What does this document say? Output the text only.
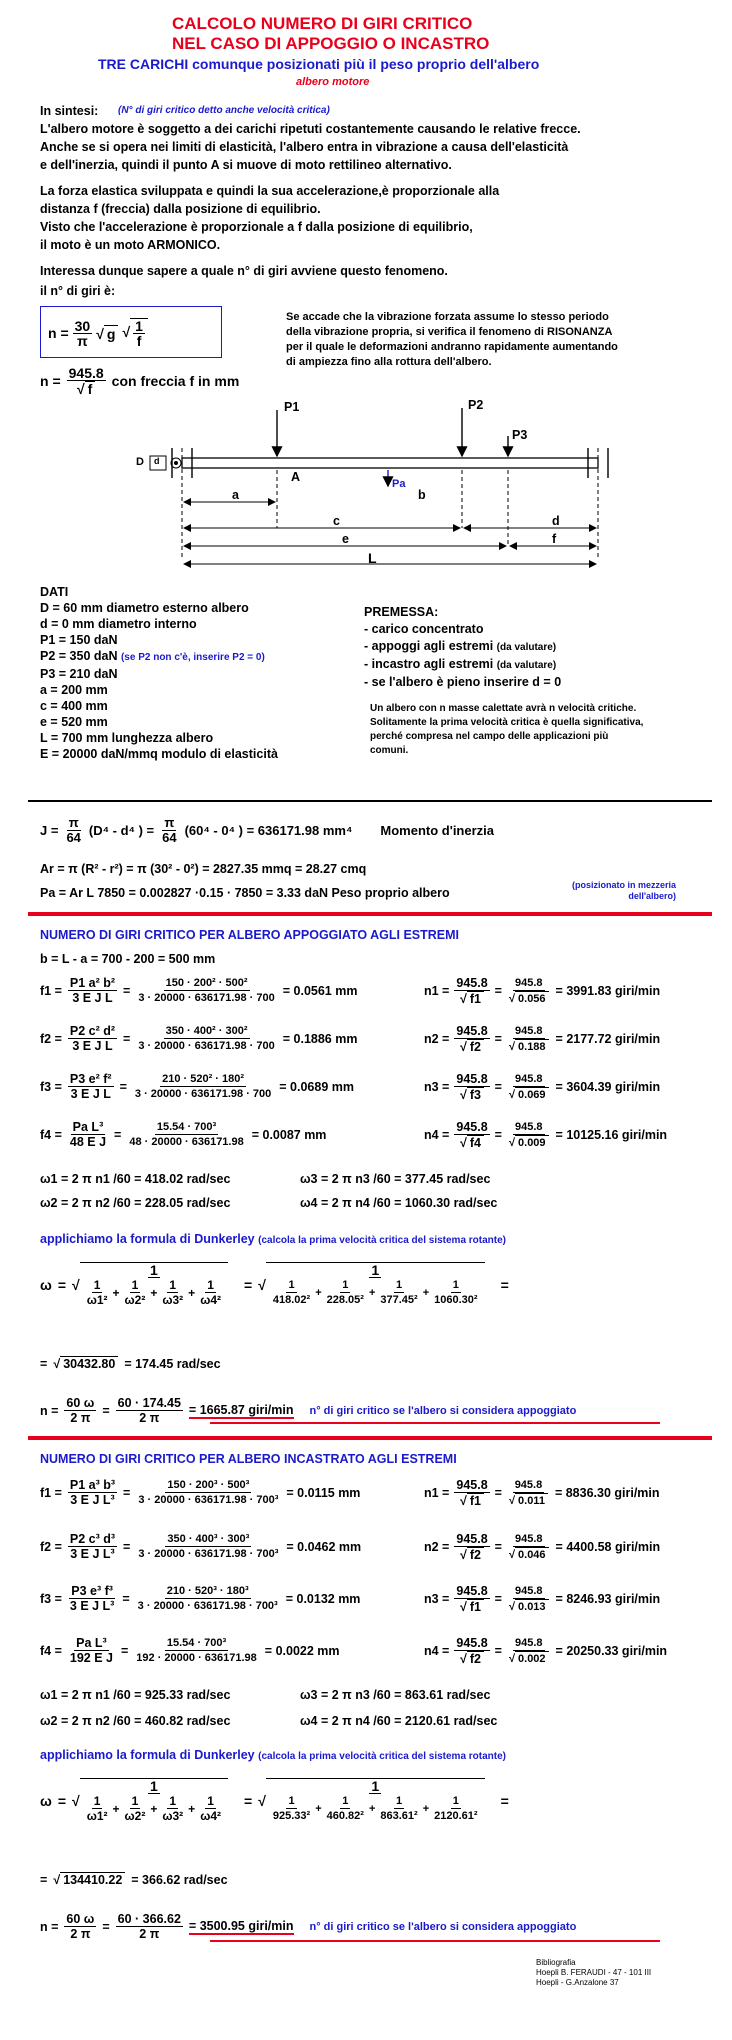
CALCOLO NUMERO DI GIRI CRITICO
NEL CASO DI APPOGGIO O INCASTRO
TRE CARICHI comunque posizionati più il peso proprio dell'albero
albero motore
In sintesi: (N° di giri critico detto anche velocità critica)
L'albero motore è soggetto a dei carichi ripetuti costantemente causando le relative frecce.
Anche se si opera nei limiti di elasticità, l'albero entra in vibrazione a causa dell'elasticità
e dell'inerzia, quindi il punto A si muove di moto rettilineo alternativo.
La forza elastica sviluppata e quindi la sua accelerazione,è proporzionale alla
distanza f (freccia) dalla posizione di equilibrio.
Visto che l'accelerazione è proporzionale a f dalla posizione di equilibrio,
il moto è un moto ARMONICO.
Interessa dunque sapere a quale n° di giri avviene questo fenomeno.
il n° di giri è:
$n = \frac{30}{\pi}$ √ g √ $\frac{1}{f}$
Se accade che la vibrazione forzata assume lo stesso periodo
della vibrazione propria, si verifica il fenomeno di RISONANZA
per il quale le deformazioni andranno rapidamente aumentando
di ampiezza fino alla rottura dell'albero.
$n = \frac{945.8}{√ f}$ con freccia f in mm
P1	P2
P3
A	Pa
D d
a	b
c	d
e	f
L
DATI
D = 60 mm diametro esterno albero
d = 0 mm diametro interno
P1 = 150 daN
P2 = 350 daN (se P2 non c'è, inserire P2 = 0)
P3 = 210 daN
a = 200 mm
c = 400 mm
e = 520 mm
L = 700 mm lunghezza albero
E = 20000 daN/mmq modulo di elasticità
PREMESSA:
- carico concentrato
- appoggi agli estremi (da valutare)
- incastro agli estremi (da valutare)
- se l'albero è pieno inserire d = 0
Un albero con n masse calettate avrà n velocità critiche.
Solitamente la prima velocità critica è quella significativa,
perché compresa nel campo delle applicazioni più
comuni.
$J = \frac{\pi}{64} (D^4 - d^4$ ) = $\frac{\pi}{64} (60^4 - 0^4$ ) = 636171.98 mm⁴ Momento d'inerzia
Ar = π (R² - r²) = π (30² - 0²) = 2827.35 mmq = 28.27 cmq
Pa = Ar L 7850 = 0.002827 ·0.15 · 7850 = 3.33 daN Peso proprio albero
(posizionato in mezzeria
dell'albero)
NUMERO DI GIRI CRITICO PER ALBERO APPOGGIATO AGLI ESTREMI
b = L - a = 700 - 200 = 500 mm
$f1 = \frac{\text{P1 a² b²}}{\text{3 E J L}} = \frac{\text{150 · 200² · 500²}}{3 \cdot 20000 \cdot 636171.98 \cdot 700} = 0.0561$ mm	$n1 = \frac{945.8}{√ f1} = \frac{945.8}{√ 0.056} = 3991.83$ giri/min
$f2 = \frac{\text{P2 c² d²}}{\text{3 E J L}} = \frac{\text{350 · 400² · 300²}}{3 \cdot 20000 \cdot 636171.98 \cdot 700} = 0.1886$ mm	$n2 = \frac{945.8}{√ f2} = \frac{945.8}{√ 0.188} = 2177.72$ giri/min
$f3 = \frac{\text{P3 e² f²}}{\text{3 E J L}} = \frac{\text{210 · 520² · 180²}}{3 \cdot 20000 \cdot 636171.98 \cdot 700} = 0.0689$ mm	$n3 = \frac{945.8}{√ f3} = \frac{945.8}{√ 0.069} = 3604.39$ giri/min
$f4 = \frac{\text{Pa L³}}{\text{48 E J}} = \frac{\text{15.54 · 700³}}{48 \cdot 20000 \cdot 636171.98} = 0.0087$ mm	$n4 = \frac{945.8}{√ f4} = \frac{945.8}{√ 0.009} = 10125.16$ giri/min
ω1 = 2 π n1 /60 = 418.02 rad/sec	ω3 = 2 π n3 /60 = 377.45 rad/sec
ω2 = 2 π n2 /60 = 228.05 rad/sec	ω4 = 2 π n4 /60 = 1060.30 rad/sec
applichiamo la formula di Dunkerley (calcola la prima velocità critica del sistema rotante)
ω = √ $\frac{1}{\frac{1}{\text{ω1²}} + \frac{1}{\text{ω2²}} + \frac{1}{\text{ω3²}} + \frac{1}{\text{ω4²}}}$ = √ $\frac{1}{\frac{1}{\text{418.02²}} + \frac{1}{\text{228.05²}} + \frac{1}{\text{377.45²}} + \frac{1}{\text{1060.30²}}}$ =
= √ 30432.80 = 174.45 rad/sec
$n = \frac{60 \omega}{2 \pi} = \frac{60 \cdot 174.45}{2 \pi} = 1665.87$ giri/min n° di giri critico se l'albero si considera appoggiato
NUMERO DI GIRI CRITICO PER ALBERO INCASTRATO AGLI ESTREMI
$f1 = \frac{\text{P1 a³ b³}}{\text{3 E J L³}} = \frac{\text{150 · 200³ · 500³}}{\text{3 · 20000 · 636171.98 · 700³}} = 0.0115$ mm	$n1 = \frac{945.8}{√ f1} = \frac{945.8}{√ 0.011} = 8836.30$ giri/min
$f2 = \frac{\text{P2 c³ d³}}{\text{3 E J L³}} = \frac{\text{350 · 400³ · 300³}}{\text{3 · 20000 · 636171.98 · 700³}} = 0.0462$ mm	$n2 = \frac{945.8}{√ f2} = \frac{945.8}{√ 0.046} = 4400.58$ giri/min
$f3 = \frac{\text{P3 e³ f³}}{\text{3 E J L³}} = \frac{\text{210 · 520³ · 180³}}{\text{3 · 20000 · 636171.98 · 700³}} = 0.0132$ mm	$n3 = \frac{945.8}{√ f1} = \frac{945.8}{√ 0.013} = 8246.93$ giri/min
$f4 = \frac{\text{Pa L³}}{\text{192 E J}} = \frac{\text{15.54 · 700³}}{192 \cdot 20000 \cdot 636171.98} = 0.0022$ mm	$n4 = \frac{945.8}{√ f2} = \frac{945.8}{√ 0.002} = 20250.33$ giri/min
ω1 = 2 π n1 /60 = 925.33 rad/sec	ω3 = 2 π n3 /60 = 863.61 rad/sec
ω2 = 2 π n2 /60 = 460.82 rad/sec	ω4 = 2 π n4 /60 = 2120.61 rad/sec
applichiamo la formula di Dunkerley (calcola la prima velocità critica del sistema rotante)
ω = √ $\frac{1}{\frac{1}{\text{ω1²}} + \frac{1}{\text{ω2²}} + \frac{1}{\text{ω3²}} + \frac{1}{\text{ω4²}}}$ = √ $\frac{1}{\frac{1}{\text{925.33²}} + \frac{1}{\text{460.82²}} + \frac{1}{\text{863.61²}} + \frac{1}{\text{2120.61²}}}$ =
= √ 134410.22 = 366.62 rad/sec
$n = \frac{60 \omega}{2 \pi} = \frac{60 \cdot 366.62}{2 \pi} = 3500.95$ giri/min n° di giri critico se l'albero si considera appoggiato
Bibliografia
Hoepli B. FERAUDI - 47 - 101 III
Hoepli - G.Anzalone 37
